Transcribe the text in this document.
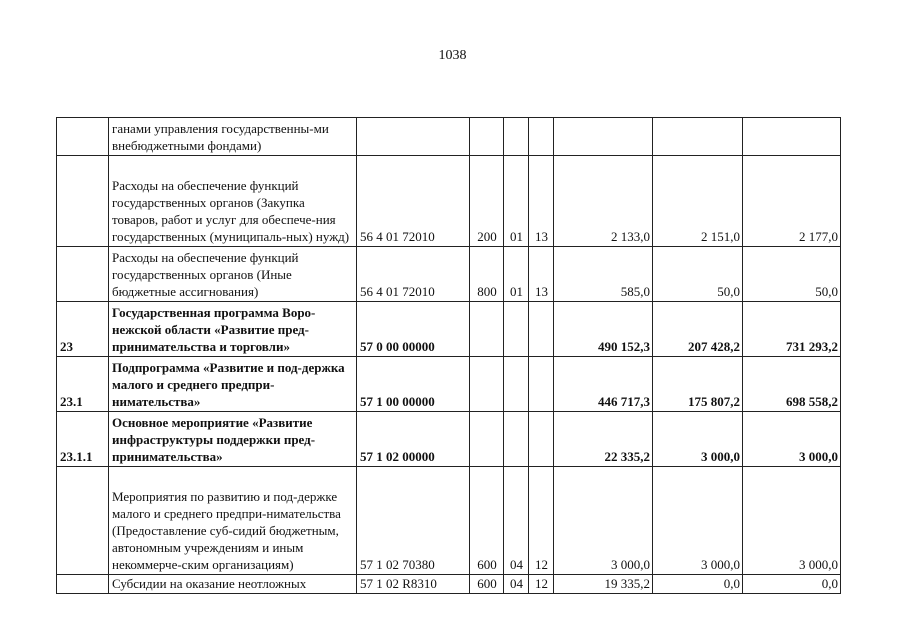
1038
	ганами управления государственны-ми внебюджетными фондами)							
	Расходы на обеспечение функций государственных органов (Закупка товаров, работ и услуг для обеспече-ния государственных (муниципаль-ных) нужд)	56 4 01 72010	200	01	13	2 133,0	2 151,0	2 177,0
	Расходы на обеспечение функций государственных органов (Иные бюджетные ассигнования)	56 4 01 72010	800	01	13	585,0	50,0	50,0
23	Государственная программа Воро-нежской области «Развитие пред-принимательства и торговли»	57 0 00 00000				490 152,3	207 428,2	731 293,2
23.1	Подпрограмма «Развитие и под-держка малого и среднего предпри-нимательства»	57 1 00 00000				446 717,3	175 807,2	698 558,2
23.1.1	Основное мероприятие «Развитие инфраструктуры поддержки пред-принимательства»	57 1 02 00000				22 335,2	3 000,0	3 000,0
	Мероприятия по развитию и под-держке малого и среднего предпри-нимательства (Предоставление суб-сидий бюджетным, автономным учреждениям и иным некоммерче-ским организациям)	57 1 02 70380	600	04	12	3 000,0	3 000,0	3 000,0
	Субсидии на оказание неотложных	57 1 02 R8310	600	04	12	19 335,2	0,0	0,0
